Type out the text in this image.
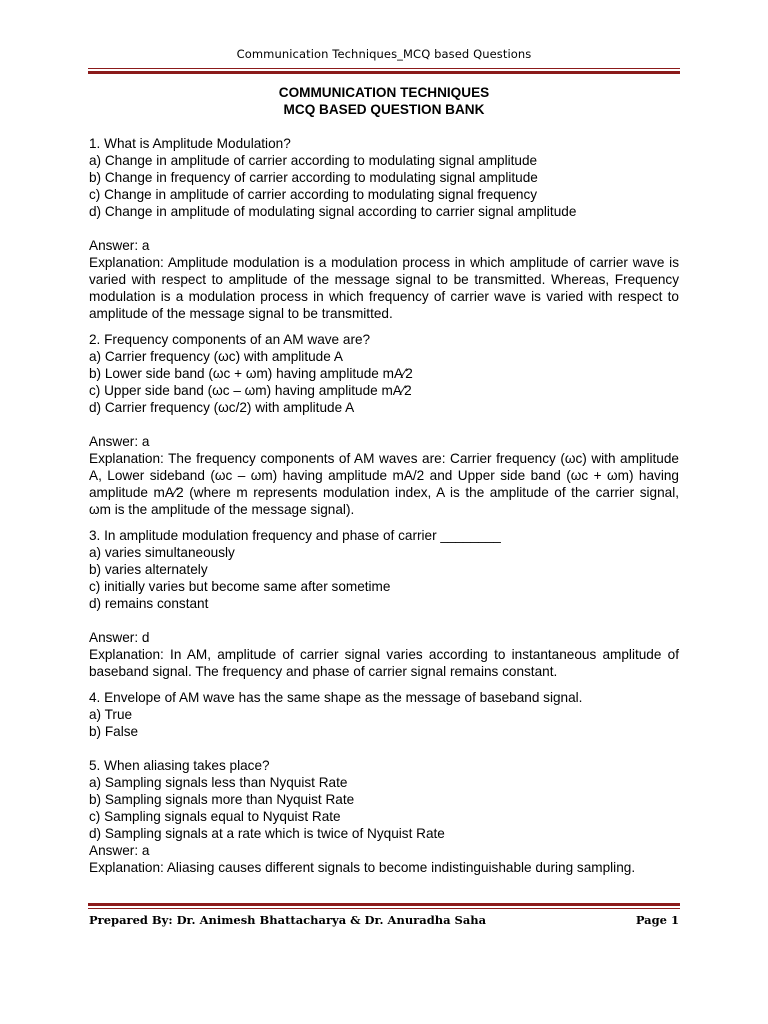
Communication Techniques_MCQ based Questions
COMMUNICATION TECHNIQUES
MCQ BASED QUESTION BANK
1. What is Amplitude Modulation?
a) Change in amplitude of carrier according to modulating signal amplitude
b) Change in frequency of carrier according to modulating signal amplitude
c) Change in amplitude of carrier according to modulating signal frequency
d) Change in amplitude of modulating signal according to carrier signal amplitude
Answer: a
Explanation: Amplitude modulation is a modulation process in which amplitude of carrier wave is varied with respect to amplitude of the message signal to be transmitted. Whereas, Frequency modulation is a modulation process in which frequency of carrier wave is varied with respect to amplitude of the message signal to be transmitted.
2. Frequency components of an AM wave are?
a) Carrier frequency (ωc) with amplitude A
b) Lower side band (ωc + ωm) having amplitude mA⁄2
c) Upper side band (ωc – ωm) having amplitude mA⁄2
d) Carrier frequency (ωc/2) with amplitude A
Answer: a
Explanation: The frequency components of AM waves are: Carrier frequency (ωc) with amplitude A, Lower sideband (ωc – ωm) having amplitude mA/2 and Upper side band (ωc + ωm) having amplitude mA⁄2 (where m represents modulation index, A is the amplitude of the carrier signal, ωm is the amplitude of the message signal).
3. In amplitude modulation frequency and phase of carrier ________
a) varies simultaneously
b) varies alternately
c) initially varies but become same after sometime
d) remains constant
Answer: d
Explanation: In AM, amplitude of carrier signal varies according to instantaneous amplitude of baseband signal. The frequency and phase of carrier signal remains constant.
4. Envelope of AM wave has the same shape as the message of baseband signal.
a) True
b) False
5. When aliasing takes place?
a) Sampling signals less than Nyquist Rate
b) Sampling signals more than Nyquist Rate
c) Sampling signals equal to Nyquist Rate
d) Sampling signals at a rate which is twice of Nyquist Rate
Answer: a
Explanation: Aliasing causes different signals to become indistinguishable during sampling.
Prepared By: Dr. Animesh Bhattacharya & Dr. Anuradha Saha	Page 1
